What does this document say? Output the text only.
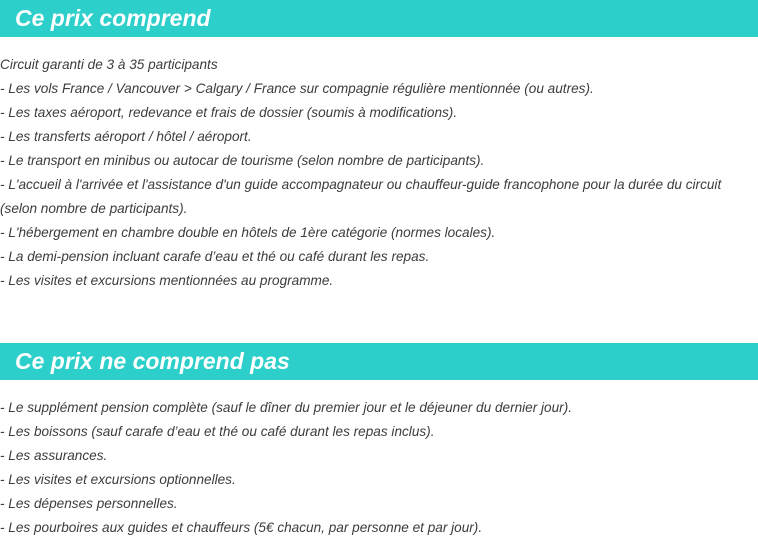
Ce prix comprend
Circuit garanti de 3 à 35 participants
- Les vols France / Vancouver > Calgary / France sur compagnie régulière mentionnée (ou autres).
- Les taxes aéroport, redevance et frais de dossier (soumis à modifications).
- Les transferts aéroport / hôtel / aéroport.
- Le transport en minibus ou autocar de tourisme (selon nombre de participants).
- L'accueil à l'arrivée et l'assistance d'un guide accompagnateur ou chauffeur-guide francophone pour la durée du circuit (selon nombre de participants).
- L'hébergement en chambre double en hôtels de 1ère catégorie (normes locales).
- La demi-pension incluant carafe d’eau et thé ou café durant les repas.
- Les visites et excursions mentionnées au programme.
Ce prix ne comprend pas
- Le supplément pension complète (sauf le dîner du premier jour et le déjeuner du dernier jour).
- Les boissons (sauf carafe d’eau et thé ou café durant les repas inclus).
- Les assurances.
- Les visites et excursions optionnelles.
- Les dépenses personnelles.
- Les pourboires aux guides et chauffeurs (5€ chacun, par personne et par jour).
